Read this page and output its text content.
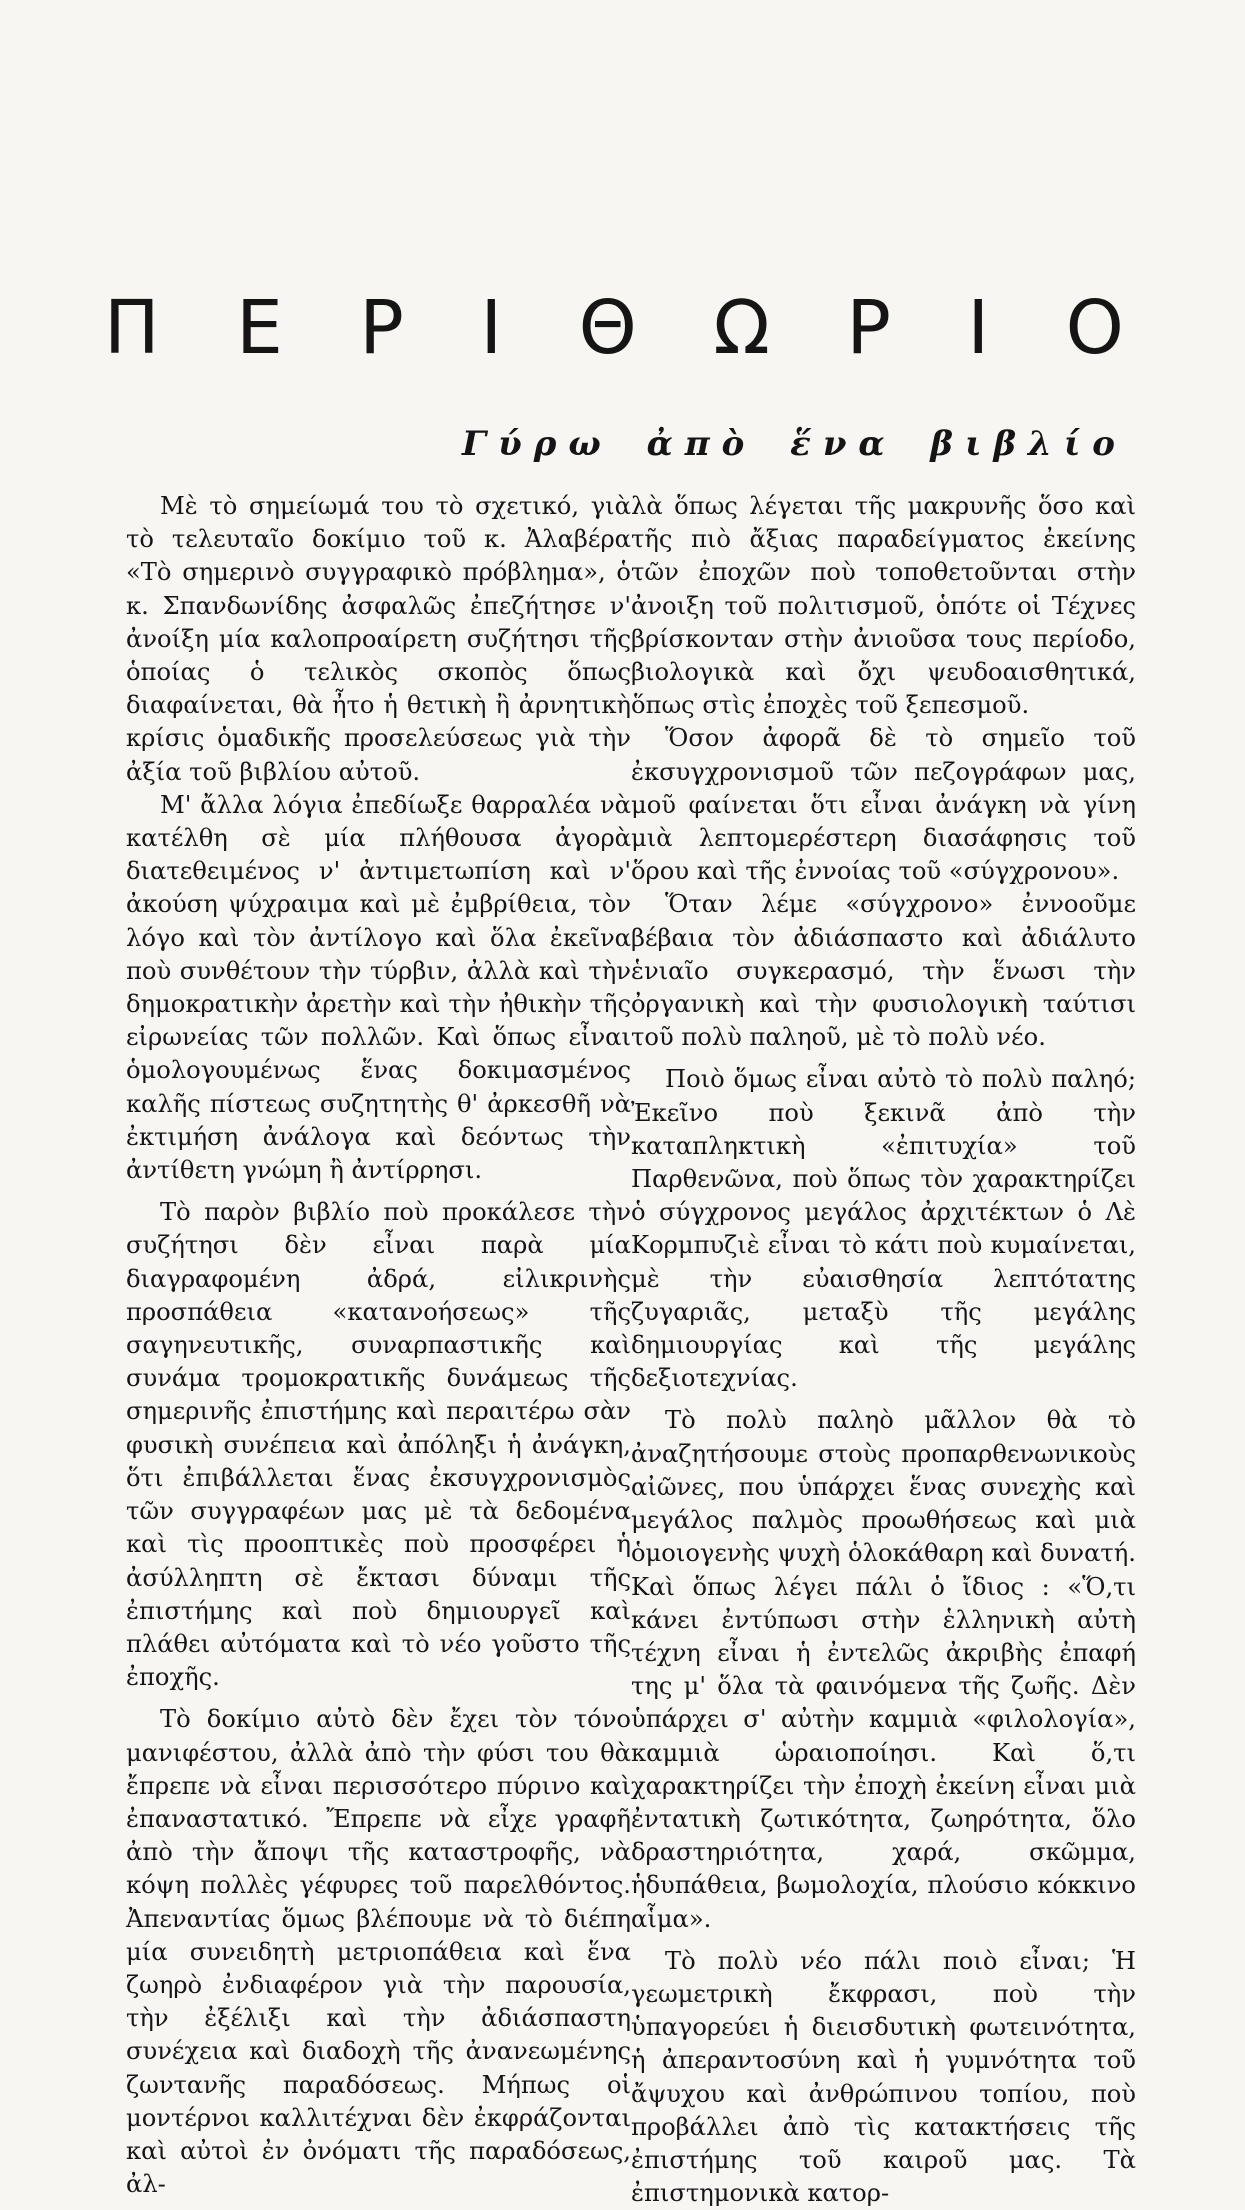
Π Ε Ρ Ι Θ Ω Ρ Ι Ο
Γύρω ἀπὸ ἕνα βιβλίο

Μὲ τὸ σημείωμά του τὸ σχετικό, γιὰ τὸ τελευταῖο δοκίμιο τοῦ κ. Ἀλαβέρα «Τὸ σημερινὸ συγγραφικὸ πρόβλημα», ὁ κ. Σπανδωνίδης ἀσφαλῶς ἐπεζήτησε ν' ἀνοίξη μία καλοπροαίρετη συζήτησι τῆς ὁποίας ὁ τελικὸς σκοπὸς ὅπως διαφαίνεται, θὰ ἦτο ἡ θετικὴ ἢ ἀρνητικὴ κρίσις ὁμαδικῆς προσελεύσεως γιὰ τὴν ἀξία τοῦ βιβλίου αὐτοῦ.

Μ' ἄλλα λόγια ἐπεδίωξε θαρραλέα νὰ κατέλθη σὲ μία πλήθουσα ἀγορὰ διατεθειμένος ν' ἀντιμετωπίση καὶ ν' ἀκούση ψύχραιμα καὶ μὲ ἐμβρίθεια, τὸν λόγο καὶ τὸν ἀντίλογο καὶ ὅλα ἐκεῖνα ποὺ συνθέτουν τὴν τύρβιν, ἀλλὰ καὶ τὴν δημοκρατικὴν ἀρετὴν καὶ τὴν ἠθικὴν τῆς εἰρωνείας τῶν πολλῶν. Καὶ ὅπως εἶναι ὁμολογουμένως ἕνας δοκιμασμένος καλῆς πίστεως συζητητὴς θ' ἀρκεσθῆ νὰ ἐκτιμήση ἀνάλογα καὶ δεόντως τὴν ἀντίθετη γνώμη ἢ ἀντίρρησι.

Τὸ παρὸν βιβλίο ποὺ προκάλεσε τὴν συζήτησι δὲν εἶναι παρὰ μία διαγραφομένη ἀδρά, εἰλικρινὴς προσπάθεια «κατανοήσεως» τῆς σαγηνευτικῆς, συναρπαστικῆς καὶ συνάμα τρομοκρατικῆς δυνάμεως τῆς σημερινῆς ἐπιστήμης καὶ περαιτέρω σὰν φυσικὴ συνέπεια καὶ ἀπόληξι ἡ ἀνάγκη, ὅτι ἐπιβάλλεται ἕνας ἐκσυγχρονισμὸς τῶν συγγραφέων μας μὲ τὰ δεδομένα καὶ τὶς προοπτικὲς ποὺ προσφέρει ἡ ἀσύλληπτη σὲ ἔκτασι δύναμι τῆς ἐπιστήμης καὶ ποὺ δημιουργεῖ καὶ πλάθει αὐτόματα καὶ τὸ νέο γοῦστο τῆς ἐποχῆς.

Τὸ δοκίμιο αὐτὸ δὲν ἔχει τὸν τόνο μανιφέστου, ἀλλὰ ἀπὸ τὴν φύσι του θὰ ἔπρεπε νὰ εἶναι περισσότερο πύρινο καὶ ἐπαναστατικό. Ἔπρεπε νὰ εἶχε γραφῆ ἀπὸ τὴν ἄποψι τῆς καταστροφῆς, νὰ κόψη πολλὲς γέφυρες τοῦ παρελθόντος. Ἀπεναντίας ὅμως βλέπουμε νὰ τὸ διέπη μία συνειδητὴ μετριοπάθεια καὶ ἕνα ζωηρὸ ἐνδιαφέρον γιὰ τὴν παρουσία, τὴν ἐξέλιξι καὶ τὴν ἀδιάσπαστη συνέχεια καὶ διαδοχὴ τῆς ἀνανεωμένης ζωντανῆς παραδόσεως. Μήπως οἱ μοντέρνοι καλλιτέχναι δὲν ἐκφράζονται καὶ αὐτοὶ ἐν ὀνόματι τῆς παραδόσεως, ἀλ-

λὰ ὅπως λέγεται τῆς μακρυνῆς ὅσο καὶ τῆς πιὸ ἄξιας παραδείγματος ἐκείνης τῶν ἐποχῶν ποὺ τοποθετοῦνται στὴν ἀνοιξη τοῦ πολιτισμοῦ, ὁπότε οἱ Τέχνες βρίσκονταν στὴν ἀνιοῦσα τους περίοδο, βιολογικὰ καὶ ὄχι ψευδοαισθητικά, ὅπως στὶς ἐποχὲς τοῦ ξεπεσμοῦ.

Ὅσον ἀφορᾶ δὲ τὸ σημεῖο τοῦ ἐκσυγχρονισμοῦ τῶν πεζογράφων μας, μοῦ φαίνεται ὅτι εἶναι ἀνάγκη νὰ γίνη μιὰ λεπτομερέστερη διασάφησις τοῦ ὅρου καὶ τῆς ἐννοίας τοῦ «σύγχρονου».

Ὅταν λέμε «σύγχρονο» ἐννοοῦμε βέβαια τὸν ἀδιάσπαστο καὶ ἀδιάλυτο ἑνιαῖο συγκερασμό, τὴν ἕνωσι τὴν ὀργανικὴ καὶ τὴν φυσιολογικὴ ταύτισι τοῦ πολὺ παληοῦ, μὲ τὸ πολὺ νέο.

Ποιὸ ὅμως εἶναι αὐτὸ τὸ πολὺ παληό; Ἐκεῖνο ποὺ ξεκινᾶ ἀπὸ τὴν καταπληκτικὴ «ἐπιτυχία» τοῦ Παρθενῶνα, ποὺ ὅπως τὸν χαρακτηρίζει ὁ σύγχρονος μεγάλος ἀρχιτέκτων ὁ Λὲ Κορμπυζιὲ εἶναι τὸ κάτι ποὺ κυμαίνεται, μὲ τὴν εὐαισθησία λεπτότατης ζυγαριᾶς, μεταξὺ τῆς μεγάλης δημιουργίας καὶ τῆς μεγάλης δεξιοτεχνίας.

Τὸ πολὺ παληὸ μᾶλλον θὰ τὸ ἀναζητήσουμε στοὺς προπαρθενωνικοὺς αἰῶνες, που ὑπάρχει ἕνας συνεχὴς καὶ μεγάλος παλμὸς προωθήσεως καὶ μιὰ ὁμοιογενὴς ψυχὴ ὁλοκάθαρη καὶ δυνατή. Καὶ ὅπως λέγει πάλι ὁ ἴδιος : «Ὅ,τι κάνει ἐντύπωσι στὴν ἑλληνικὴ αὐτὴ τέχνη εἶναι ἡ ἐντελῶς ἀκριβὴς ἐπαφή της μ' ὅλα τὰ φαινόμενα τῆς ζωῆς. Δὲν ὑπάρχει σ' αὐτὴν καμμιὰ «φιλολογία», καμμιὰ ὡραιοποίησι. Καὶ ὅ,τι χαρακτηρίζει τὴν ἐποχὴ ἐκείνη εἶναι μιὰ ἐντατικὴ ζωτικότητα, ζωηρότητα, ὅλο δραστηριότητα, χαρά, σκῶμμα, ἡδυπάθεια, βωμολοχία, πλούσιο κόκκινο αἷμα».

Τὸ πολὺ νέο πάλι ποιὸ εἶναι; Ἡ γεωμετρικὴ ἔκφρασι, ποὺ τὴν ὑπαγορεύει ἡ διεισδυτικὴ φωτεινότητα, ἡ ἀπεραντοσύνη καὶ ἡ γυμνότητα τοῦ ἄψυχου καὶ ἀνθρώπινου τοπίου, ποὺ προβάλλει ἀπὸ τὶς κατακτήσεις τῆς ἐπιστήμης τοῦ καιροῦ μας. Τὰ ἐπιστημονικὰ κατορ-
